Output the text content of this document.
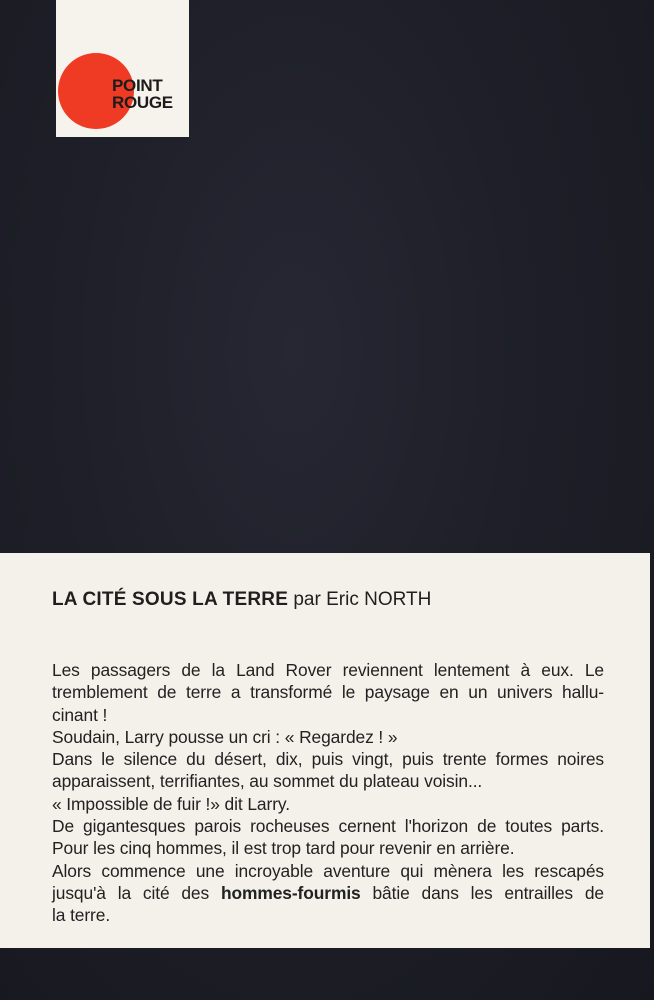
POINT
ROUGE
LA CITÉ SOUS LA TERRE par Eric NORTH
Les passagers de la Land Rover reviennent lentement à eux. Le
tremblement de terre a transformé le paysage en un univers hallu-
cinant !
Soudain, Larry pousse un cri : « Regardez ! »
Dans le silence du désert, dix, puis vingt, puis trente formes noires
apparaissent, terrifiantes, au sommet du plateau voisin...
« Impossible de fuir !» dit Larry.
De gigantesques parois rocheuses cernent l'horizon de toutes parts.
Pour les cinq hommes, il est trop tard pour revenir en arrière.
Alors commence une incroyable aventure qui mènera les rescapés
jusqu'à la cité des hommes-fourmis bâtie dans les entrailles de
la terre.
